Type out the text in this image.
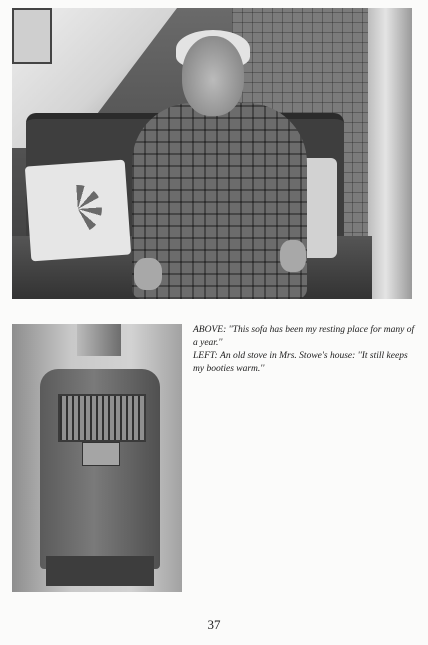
ABOVE: ''This sofa has been my resting place for many of a year.''

LEFT: An old stove in Mrs. Stowe's house: ''It still keeps my booties warm.''

37
